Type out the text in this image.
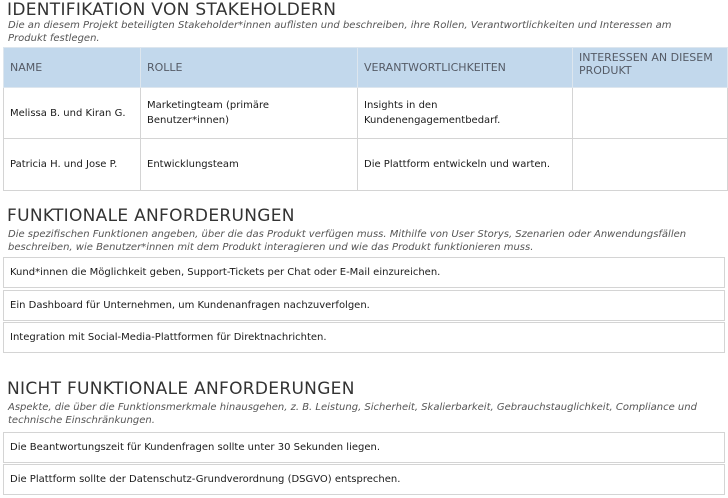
IDENTIFIKATION VON STAKEHOLDERN
Die an diesem Projekt beteiligten Stakeholder*innen auflisten und beschreiben, ihre Rollen, Verantwortlichkeiten und Interessen am Produkt festlegen.
NAME	ROLLE	VERANTWORTLICHKEITEN	INTERESSEN AN DIESEM PRODUKT
Melissa B. und Kiran G.	Marketingteam (primäre Benutzer*innen)	Insights in den Kundenengagementbedarf.	
Patricia H. und Jose P.	Entwicklungsteam	Die Plattform entwickeln und warten.	
FUNKTIONALE ANFORDERUNGEN
Die spezifischen Funktionen angeben, über die das Produkt verfügen muss. Mithilfe von User Storys, Szenarien oder Anwendungsfällen beschreiben, wie Benutzer*innen mit dem Produkt interagieren und wie das Produkt funktionieren muss.
Kund*innen die Möglichkeit geben, Support-Tickets per Chat oder E-Mail einzureichen.
Ein Dashboard für Unternehmen, um Kundenanfragen nachzuverfolgen.
Integration mit Social-Media-Plattformen für Direktnachrichten.
NICHT FUNKTIONALE ANFORDERUNGEN
Aspekte, die über die Funktionsmerkmale hinausgehen, z. B. Leistung, Sicherheit, Skalierbarkeit, Gebrauchstauglichkeit, Compliance und technische Einschränkungen.
Die Beantwortungszeit für Kundenfragen sollte unter 30 Sekunden liegen.
Die Plattform sollte der Datenschutz-Grundverordnung (DSGVO) entsprechen.
